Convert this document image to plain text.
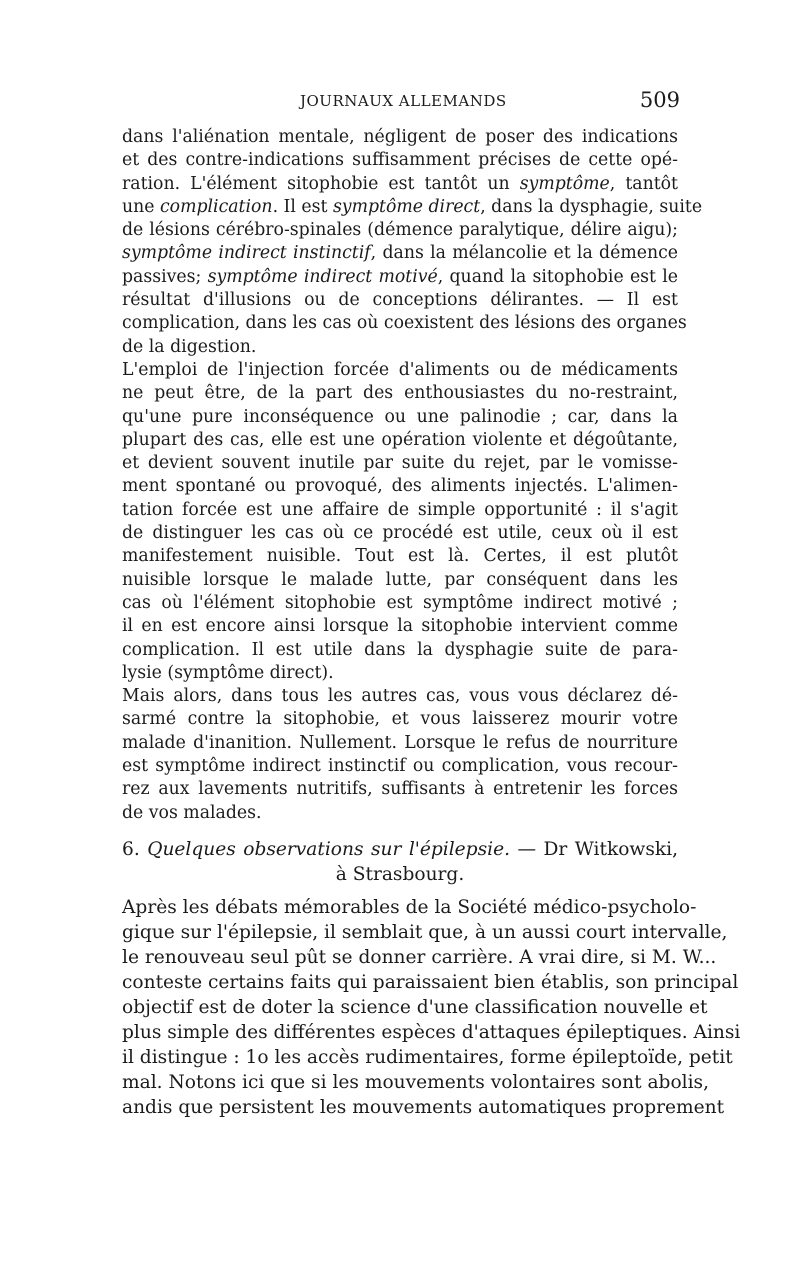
JOURNAUX ALLEMANDS	509
dans l'aliénation mentale, négligent de poser des indications
et des contre-indications suffisamment précises de cette opé-
ration. L'élément sitophobie est tantôt un symptôme, tantôt
une complication. Il est symptôme direct, dans la dysphagie, suite
de lésions cérébro-spinales (démence paralytique, délire aigu);
symptôme indirect instinctif, dans la mélancolie et la démence
passives; symptôme indirect motivé, quand la sitophobie est le
résultat d'illusions ou de conceptions délirantes. — Il est
complication, dans les cas où coexistent des lésions des organes
de la digestion.
L'emploi de l'injection forcée d'aliments ou de médicaments
ne peut être, de la part des enthousiastes du no-restraint,
qu'une pure inconséquence ou une palinodie ; car, dans la
plupart des cas, elle est une opération violente et dégoûtante,
et devient souvent inutile par suite du rejet, par le vomisse-
ment spontané ou provoqué, des aliments injectés. L'alimen-
tation forcée est une affaire de simple opportunité : il s'agit
de distinguer les cas où ce procédé est utile, ceux où il est
manifestement nuisible. Tout est là. Certes, il est plutôt
nuisible lorsque le malade lutte, par conséquent dans les
cas où l'élément sitophobie est symptôme indirect motivé ;
il en est encore ainsi lorsque la sitophobie intervient comme
complication. Il est utile dans la dysphagie suite de para-
lysie (symptôme direct).
Mais alors, dans tous les autres cas, vous vous déclarez dé-
sarmé contre la sitophobie, et vous laisserez mourir votre
malade d'inanition. Nullement. Lorsque le refus de nourriture
est symptôme indirect instinctif ou complication, vous recour-
rez aux lavements nutritifs, suffisants à entretenir les forces
de vos malades.
6. Quelques observations sur l'épilepsie. — Dr Witkowski,
à Strasbourg.
Après les débats mémorables de la Société médico-psycholo-
gique sur l'épilepsie, il semblait que, à un aussi court intervalle,
le renouveau seul pût se donner carrière. A vrai dire, si M. W...
conteste certains faits qui paraissaient bien établis, son principal
objectif est de doter la science d'une classification nouvelle et
plus simple des différentes espèces d'attaques épileptiques. Ainsi
il distingue : 1o les accès rudimentaires, forme épileptoïde, petit
mal. Notons ici que si les mouvements volontaires sont abolis,
andis que persistent les mouvements automatiques proprement
